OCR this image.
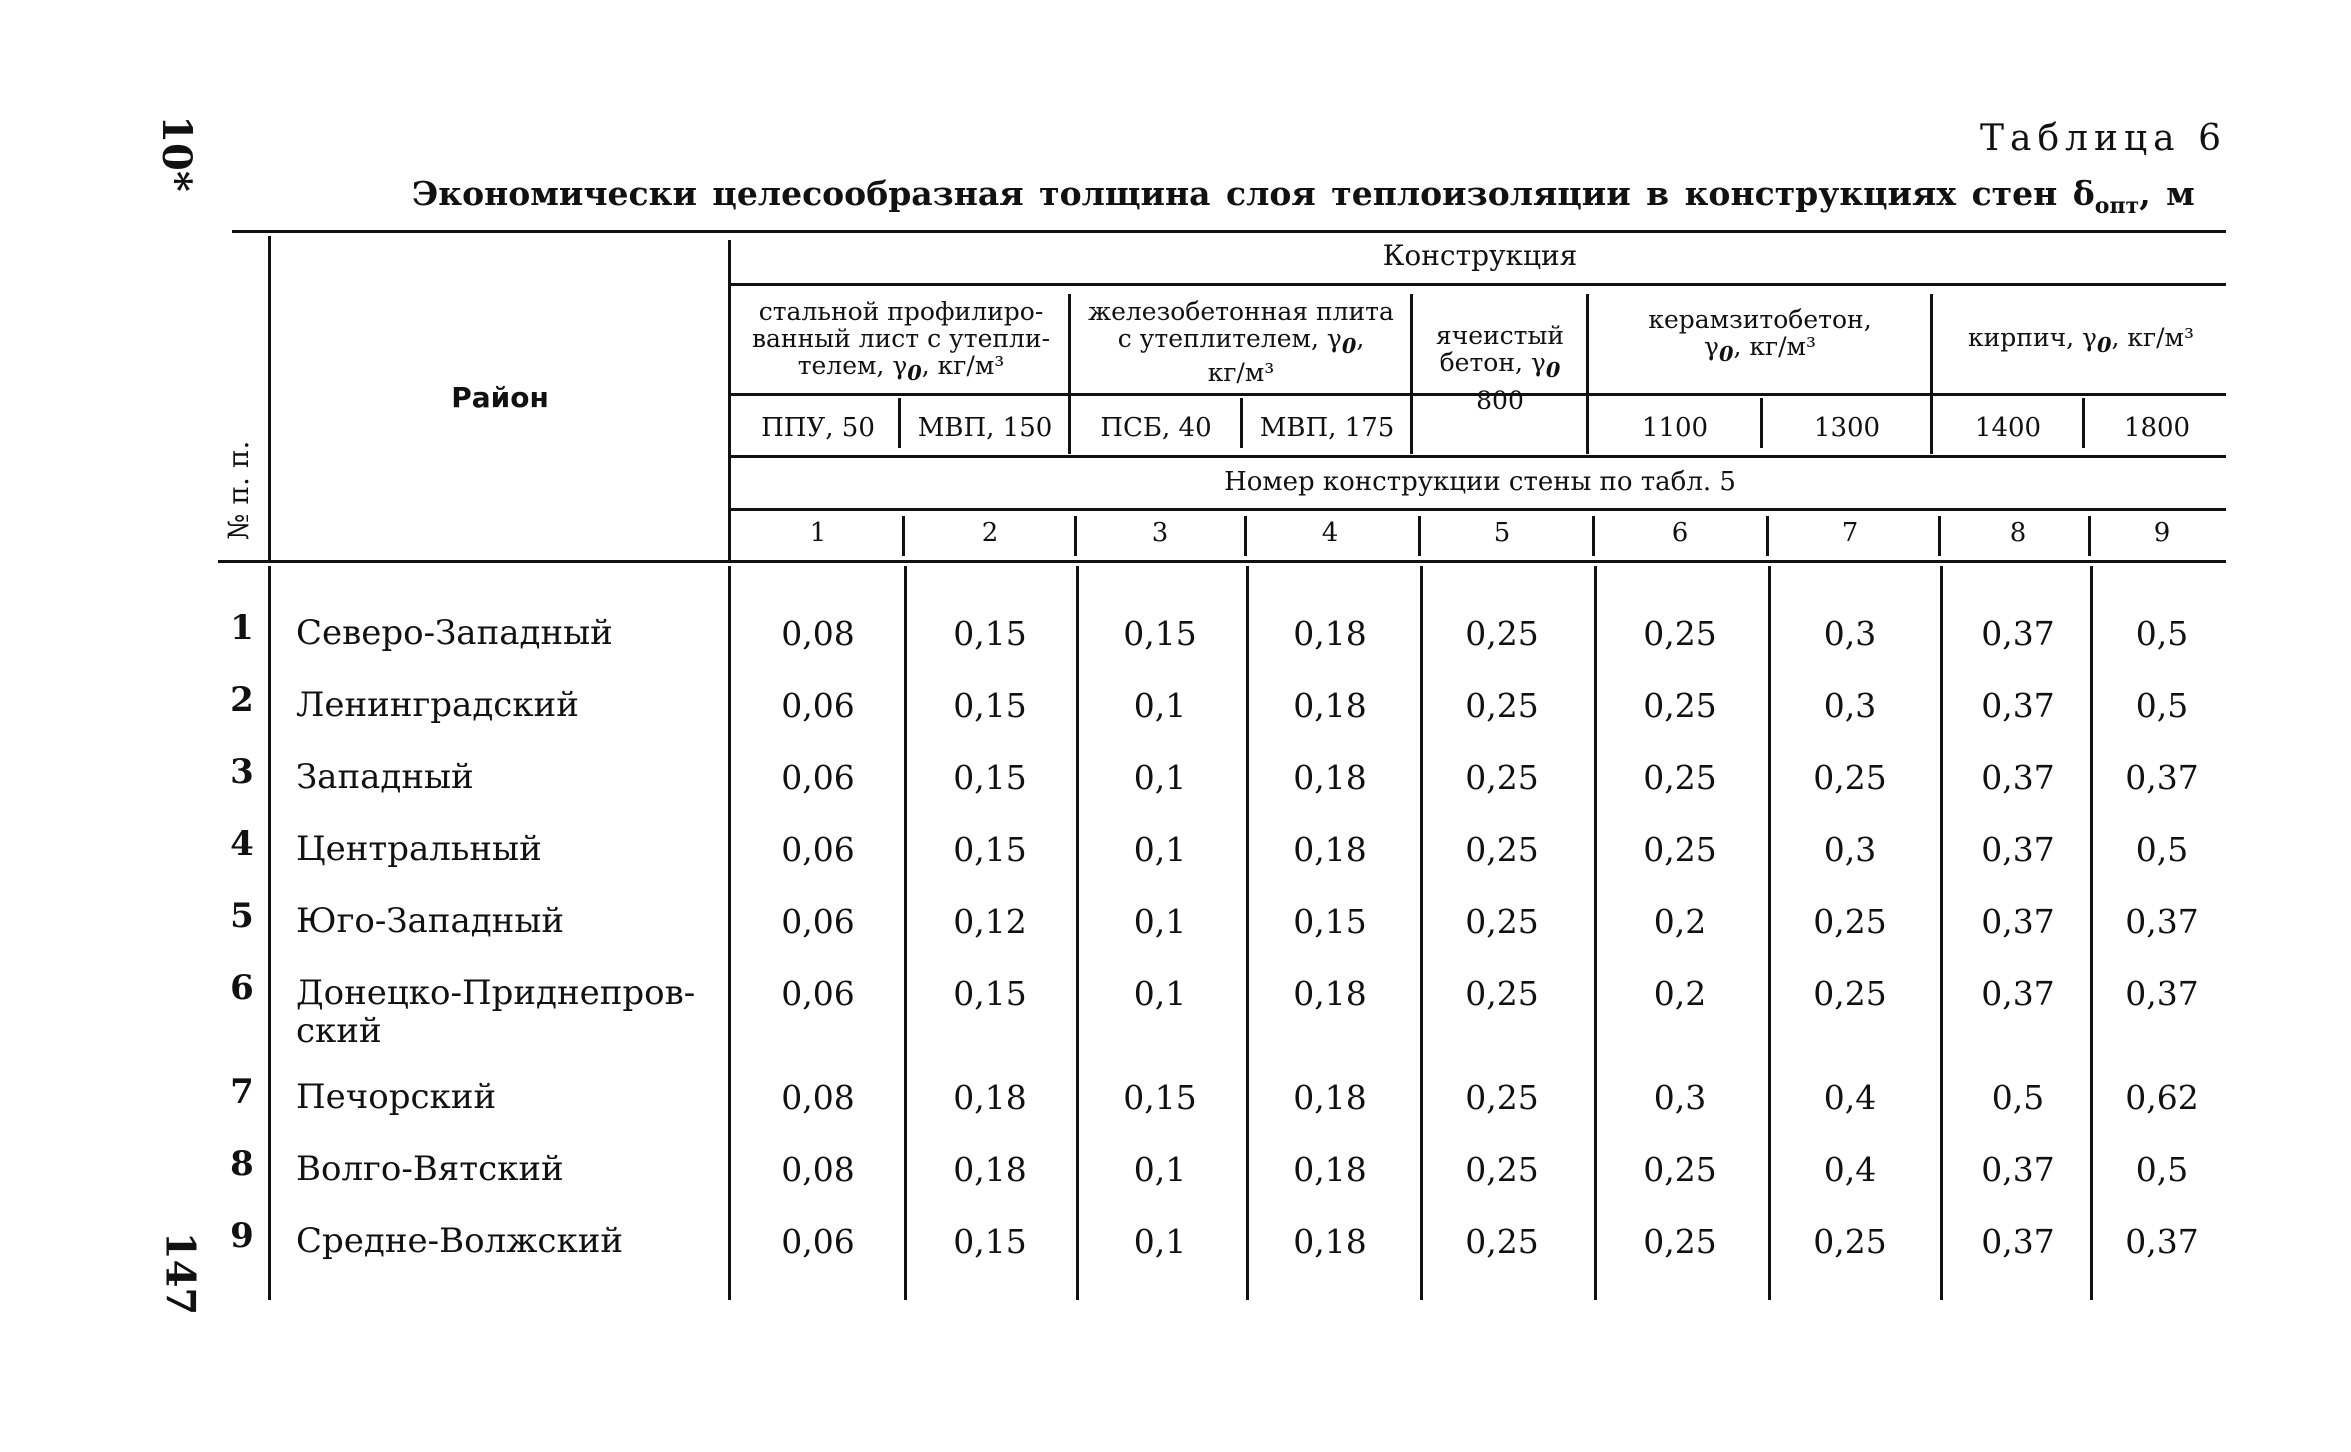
10*
147
Таблица 6
Экономически целесообразная толщина слоя теплоизоляции в конструкциях стен $\delta_{опт}$, м
№ п. п.
Район
Конструкция
стальной профилиро-
ванный лист с утепли-
телем, $\gamma_0$, кг/м³
железобетонная плита
с утеплителем, $\gamma_0$,
кг/м³
ячеистый
бетон, $\gamma_0$
800
керамзитобетон,
$\gamma_0$, кг/м³	кирпич, $\gamma_0$, кг/м³
ППУ, 50	МВП, 150	ПСБ, 40	МВП, 175	1100	1300	1400	1800
Номер конструкции стены по табл. 5
1	2	3	4	5	6	7	8	9
1 Северо-Западный	0,08	0,15	0,15	0,18	0,25	0,25	0,3	0,37	0,5
2 Ленинградский	0,06	0,15	0,1	0,18	0,25	0,25	0,3	0,37	0,5
3 Западный	0,06	0,15	0,1	0,18	0,25	0,25	0,25	0,37	0,37
4 Центральный	0,06	0,15	0,1	0,18	0,25	0,25	0,3	0,37	0,5
5 Юго-Западный	0,06	0,12	0,1	0,15	0,25	0,2	0,25	0,37	0,37
6 Донецко-Приднепров-
ский
0,06	0,15	0,1	0,18	0,25	0,2	0,25	0,37	0,37
7 Печорский	0,08	0,18	0,15	0,18	0,25	0,3	0,4	0,5	0,62
8 Волго-Вятский	0,08	0,18	0,1	0,18	0,25	0,25	0,4	0,37	0,5
9 Средне-Волжский	0,06	0,15	0,1	0,18	0,25	0,25	0,25	0,37	0,37
